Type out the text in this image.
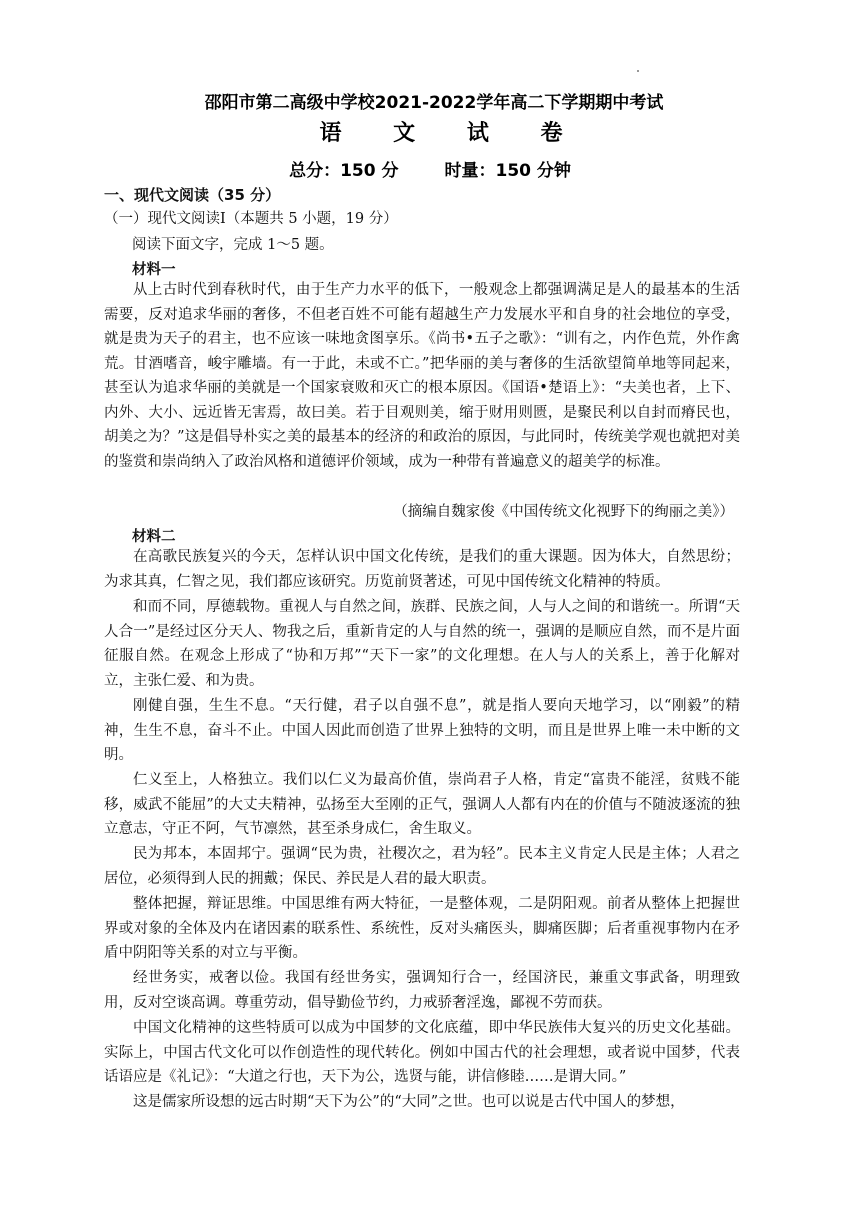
邵阳市第二高级中学校2021-2022学年高二下学期期中考试
语 文 试 卷
总分：150 分	时量：150 分钟
一、现代文阅读（35 分）
（一）现代文阅读Ⅰ（本题共 5 小题，19 分）
阅读下面文字，完成 1～5 题。
材料一

从上古时代到春秋时代，由于生产力水平的低下，一般观念上都强调满足是人的最基本的生活需要，反对追求华丽的奢侈，不但老百姓不可能有超越生产力发展水平和自身的社会地位的享受，就是贵为天子的君主，也不应该一味地贪图享乐。《尚书•五子之歌》：“训有之，内作色荒，外作禽荒。甘酒嗜音，峻宇雕墙。有一于此，未或不亡。”把华丽的美与奢侈的生活欲望简单地等同起来，甚至认为追求华丽的美就是一个国家衰败和灭亡的根本原因。《国语•楚语上》：“夫美也者，上下、内外、大小、远近皆无害焉，故曰美。若于目观则美，缩于财用则匮，是聚民利以自封而瘠民也，胡美之为？”这是倡导朴实之美的最基本的经济的和政治的原因，与此同时，传统美学观也就把对美的鉴赏和崇尚纳入了政治风格和道德评价领域，成为一种带有普遍意义的超美学的标准。

（摘编自魏家俊《中国传统文化视野下的绚丽之美》）
材料二

在高歌民族复兴的今天，怎样认识中国文化传统，是我们的重大课题。因为体大，自然思纷；为求其真，仁智之见，我们都应该研究。历览前贤著述，可见中国传统文化精神的特质。

和而不同，厚德载物。重视人与自然之间，族群、民族之间，人与人之间的和谐统一。所谓“天人合一”是经过区分天人、物我之后，重新肯定的人与自然的统一，强调的是顺应自然，而不是片面征服自然。在观念上形成了“协和万邦”“天下一家”的文化理想。在人与人的关系上，善于化解对立，主张仁爱、和为贵。

刚健自强，生生不息。“天行健，君子以自强不息”，就是指人要向天地学习，以“刚毅”的精神，生生不息，奋斗不止。中国人因此而创造了世界上独特的文明，而且是世界上唯一未中断的文明。

仁义至上，人格独立。我们以仁义为最高价值，崇尚君子人格，肯定“富贵不能淫，贫贱不能移，威武不能屈”的大丈夫精神，弘扬至大至刚的正气，强调人人都有内在的价值与不随波逐流的独立意志，守正不阿，气节凛然，甚至杀身成仁，舍生取义。

民为邦本，本固邦宁。强调“民为贵，社稷次之，君为轻”。民本主义肯定人民是主体；人君之居位，必须得到人民的拥戴；保民、养民是人君的最大职责。

整体把握，辩证思维。中国思维有两大特征，一是整体观，二是阴阳观。前者从整体上把握世界或对象的全体及内在诸因素的联系性、系统性，反对头痛医头，脚痛医脚；后者重视事物内在矛盾中阴阳等关系的对立与平衡。

经世务实，戒奢以俭。我国有经世务实，强调知行合一，经国济民，兼重文事武备，明理致用，反对空谈高调。尊重劳动，倡导勤俭节约，力戒骄奢淫逸，鄙视不劳而获。

中国文化精神的这些特质可以成为中国梦的文化底蕴，即中华民族伟大复兴的历史文化基础。实际上，中国古代文化可以作创造性的现代转化。例如中国古代的社会理想，或者说中国梦，代表话语应是《礼记》：“大道之行也，天下为公，选贤与能，讲信修睦……是谓大同。”

这是儒家所设想的远古时期“天下为公”的“大同”之世。也可以说是古代中国人的梦想，
